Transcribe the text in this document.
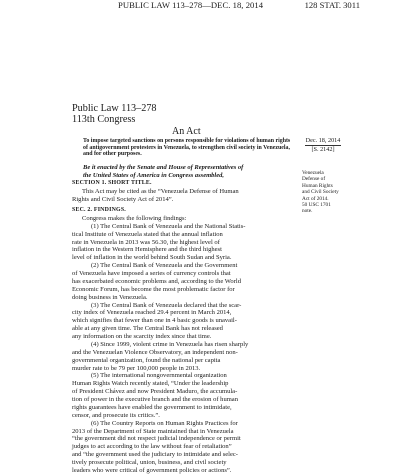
PUBLIC LAW 113–278—DEC. 18, 2014	128 STAT. 3011
Public Law 113–278
113th Congress
An Act
To impose targeted sanctions on persons responsible for violations of human rights
of antigovernment protesters in Venezuela, to strengthen civil society in Venezuela,
and for other purposes.
Dec. 18, 2014
[S. 2142]
Be it enacted by the Senate and House of Representatives of
the United States of America in Congress assembled,	Venezuela
Defense of
Human Rights
and Civil Society
Act of 2014.
50 USC 1701
note.
SECTION 1. SHORT TITLE.
This Act may be cited as the “Venezuela Defense of Human
Rights and Civil Society Act of 2014”.
SEC. 2. FINDINGS.
Congress makes the following findings:
(1) The Central Bank of Venezuela and the National Statis-
tical Institute of Venezuela stated that the annual inflation
rate in Venezuela in 2013 was 56.30, the highest level of
inflation in the Western Hemisphere and the third highest
level of inflation in the world behind South Sudan and Syria.
(2) The Central Bank of Venezuela and the Government
of Venezuela have imposed a series of currency controls that
has exacerbated economic problems and, according to the World
Economic Forum, has become the most problematic factor for
doing business in Venezuela.
(3) The Central Bank of Venezuela declared that the scar-
city index of Venezuela reached 29.4 percent in March 2014,
which signifies that fewer than one in 4 basic goods is unavail-
able at any given time. The Central Bank has not released
any information on the scarcity index since that time.
(4) Since 1999, violent crime in Venezuela has risen sharply
and the Venezuelan Violence Observatory, an independent non-
governmental organization, found the national per capita
murder rate to be 79 per 100,000 people in 2013.
(5) The international nongovernmental organization
Human Rights Watch recently stated, “Under the leadership
of President Chávez and now President Maduro, the accumula-
tion of power in the executive branch and the erosion of human
rights guarantees have enabled the government to intimidate,
censor, and prosecute its critics.”.
(6) The Country Reports on Human Rights Practices for
2013 of the Department of State maintained that in Venezuela
“the government did not respect judicial independence or permit
judges to act according to the law without fear of retaliation”
and “the government used the judiciary to intimidate and selec-
tively prosecute political, union, business, and civil society
leaders who were critical of government policies or actions”.
